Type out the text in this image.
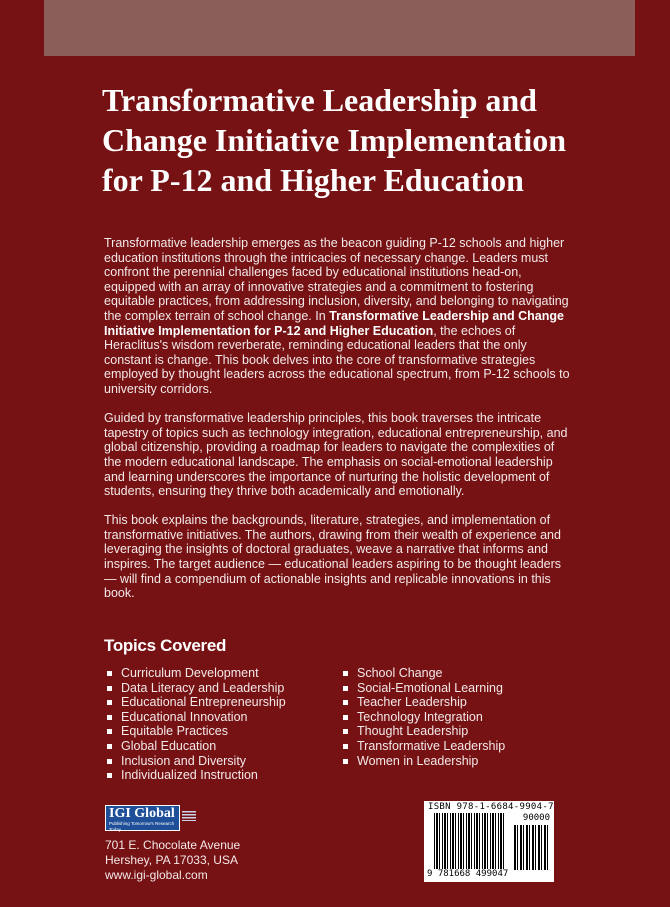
Transformative Leadership and Change Initiative Implementation for P-12 and Higher Education

Transformative leadership emerges as the beacon guiding P-12 schools and higher education institutions through the intricacies of necessary change. Leaders must confront the perennial challenges faced by educational institutions head-on, equipped with an array of innovative strategies and a commitment to fostering equitable practices, from addressing inclusion, diversity, and belonging to navigating the complex terrain of school change. In Transformative Leadership and Change Initiative Implementation for P-12 and Higher Education, the echoes of Heraclitus's wisdom reverberate, reminding educational leaders that the only constant is change. This book delves into the core of transformative strategies employed by thought leaders across the educational spectrum, from P-12 schools to university corridors.

Guided by transformative leadership principles, this book traverses the intricate tapestry of topics such as technology integration, educational entrepreneurship, and global citizenship, providing a roadmap for leaders to navigate the complexities of the modern educational landscape. The emphasis on social-emotional leadership and learning underscores the importance of nurturing the holistic development of students, ensuring they thrive both academically and emotionally.

This book explains the backgrounds, literature, strategies, and implementation of transformative initiatives. The authors, drawing from their wealth of experience and leveraging the insights of doctoral graduates, weave a narrative that informs and inspires. The target audience — educational leaders aspiring to be thought leaders — will find a compendium of actionable insights and replicable innovations in this book.

Topics Covered
Curriculum Development
Data Literacy and Leadership
Educational Entrepreneurship
Educational Innovation
Equitable Practices
Global Education
Inclusion and Diversity
Individualized Instruction
School Change
Social-Emotional Learning
Teacher Leadership
Technology Integration
Thought Leadership
Transformative Leadership
Women in Leadership
IGI Global
Publishing Tomorrow's Research Today
701 E. Chocolate Avenue
Hershey, PA 17033, USA
www.igi-global.com
ISBN 978-1-6684-9904-7
90000
9 781668 499047
